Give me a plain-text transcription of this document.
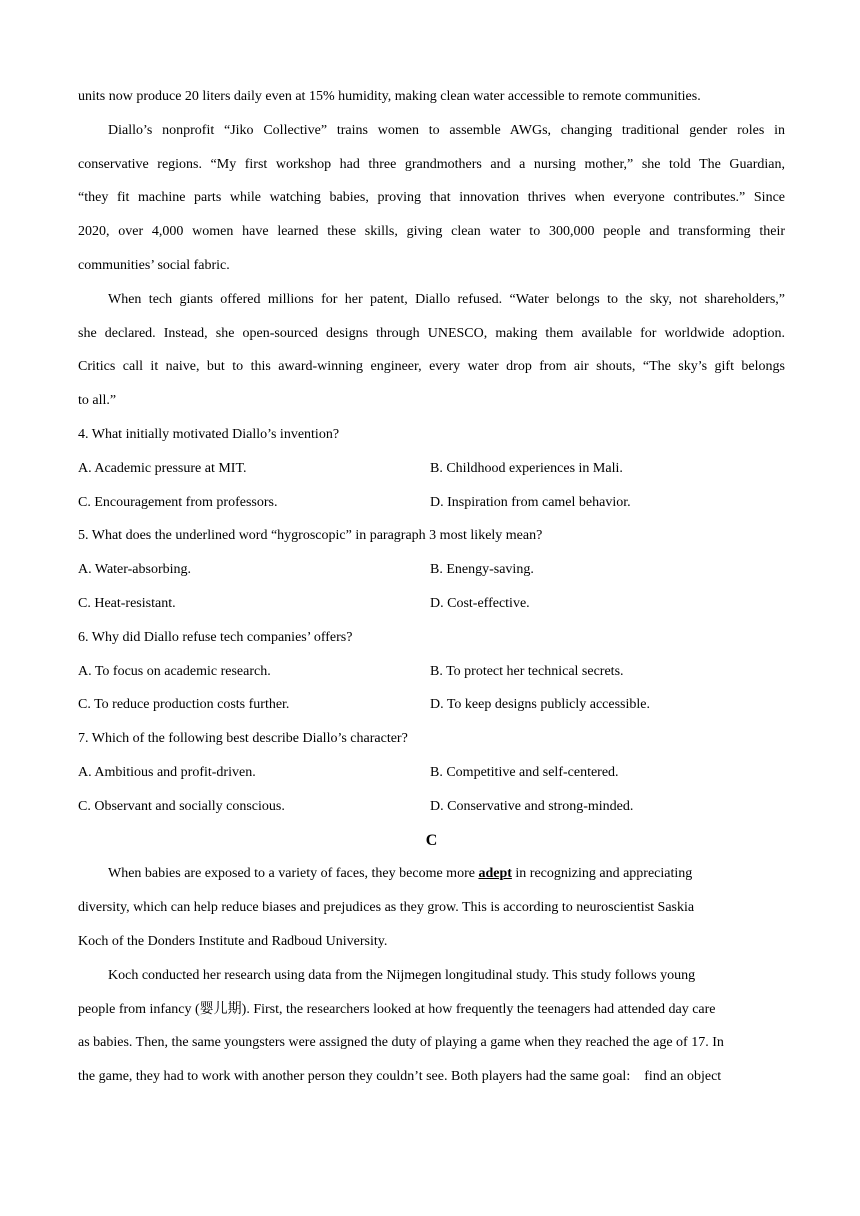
units now produce 20 liters daily even at 15% humidity, making clean water accessible to remote communities.
Diallo’s nonprofit “Jiko Collective” trains women to assemble AWGs, changing traditional gender roles in
conservative regions. “My first workshop had three grandmothers and a nursing mother,” she told The Guardian,
“they fit machine parts while watching babies, proving that innovation thrives when everyone contributes.” Since
2020, over 4,000 women have learned these skills, giving clean water to 300,000 people and transforming their
communities’ social fabric.
When tech giants offered millions for her patent, Diallo refused. “Water belongs to the sky, not shareholders,”
she declared. Instead, she open-sourced designs through UNESCO, making them available for worldwide adoption.
Critics call it naive, but to this award-winning engineer, every water drop from air shouts, “The sky’s gift belongs
to all.”
4. What initially motivated Diallo’s invention?
A. Academic pressure at MIT.	B. Childhood experiences in Mali.
C. Encouragement from professors.	D. Inspiration from camel behavior.
5. What does the underlined word “hygroscopic” in paragraph 3 most likely mean?
A. Water-absorbing.	B. Enengy-saving.
C. Heat-resistant.	D. Cost-effective.
6. Why did Diallo refuse tech companies’ offers?
A. To focus on academic research.	B. To protect her technical secrets.
C. To reduce production costs further.	D. To keep designs publicly accessible.
7. Which of the following best describe Diallo’s character?
A. Ambitious and profit-driven.	B. Competitive and self-centered.
C. Observant and socially conscious.	D. Conservative and strong-minded.
C
When babies are exposed to a variety of faces, they become more adept in recognizing and appreciating
diversity, which can help reduce biases and prejudices as they grow. This is according to neuroscientist Saskia
Koch of the Donders Institute and Radboud University.
Koch conducted her research using data from the Nijmegen longitudinal study. This study follows young
people from infancy (婴儿期). First, the researchers looked at how frequently the teenagers had attended day care
as babies. Then, the same youngsters were assigned the duty of playing a game when they reached the age of 17. In
the game, they had to work with another person they couldn’t see. Both players had the same goal:    find an object
